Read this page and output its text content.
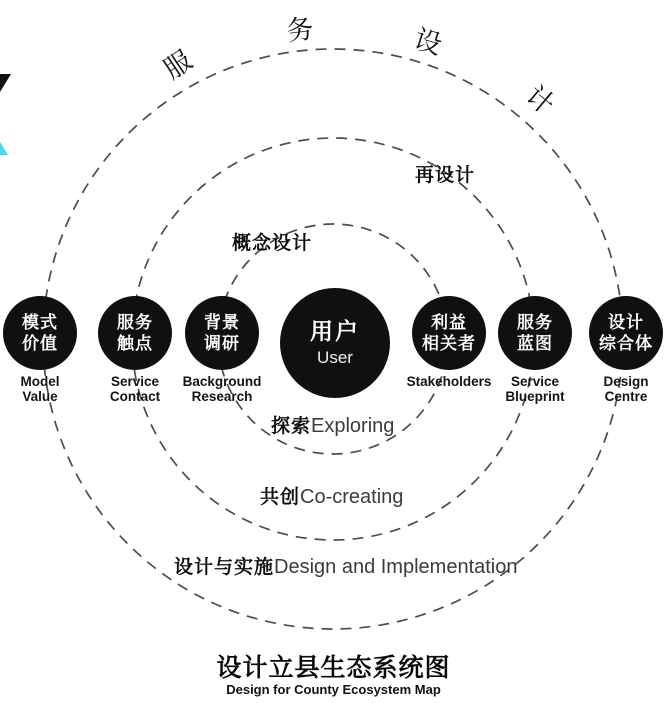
服
务	设
计
再设计
概念设计
模式
价值
服务
触点
背景
调研	用户
User
利益
相关者
服务
蓝图
设计
综合体
Model
Value
Service
Contact
Background
Research
Stakeholders	Service
Blueprint
Design
Centre
探索Exploring
共创Co-creating
设计与实施Design and Implementation
设计立县生态系统图
Design for County Ecosystem Map
